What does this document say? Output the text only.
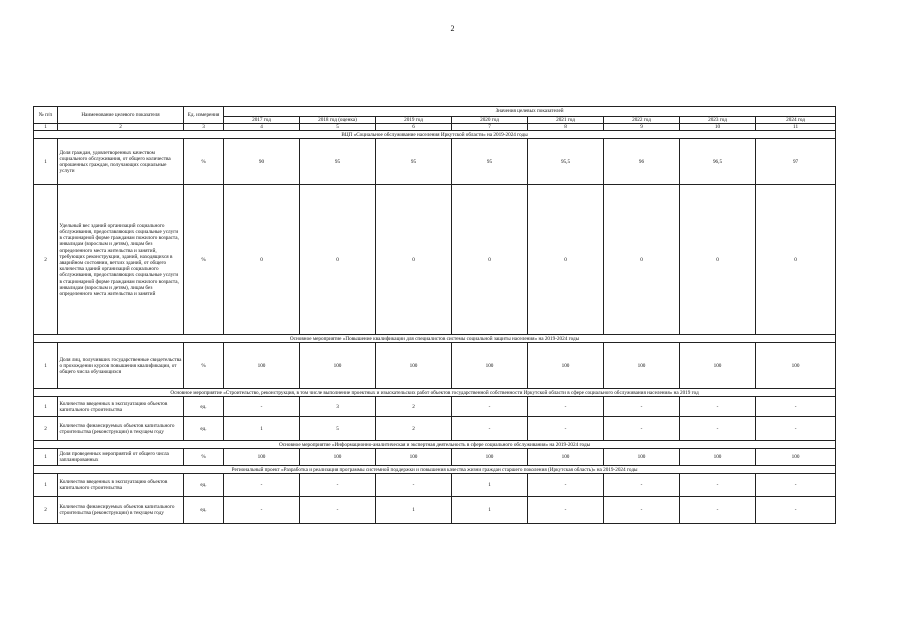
2
№ п/п	Наименование целевого показателя	Ед. измерения	Значения целевых показателей							
			2017 год	2018 год (оценка)	2019 год	2020 год	2021 год	2022 год	2023 год	2024 год
1	2	3	4	5	6	7	8	9	10	11
ВЦП «Социальное обслуживание населения Иркутской области» на 2019-2024 годы										
1	Доля граждан, удовлетворенных качеством социального обслуживания, от общего количества опрошенных граждан, получающих социальные услуги	%	90	95	95	95	95,5	96	96,5	97
2	Удельный вес зданий организаций социального обслуживания, предоставляющих социальные услуги в стационарной форме гражданам пожилого возраста, инвалидам (взрослым и детям), лицам без определенного места жительства и занятий, требующих реконструкции, зданий, находящихся в аварийном состоянии, ветхих зданий, от общего количества зданий организаций социального обслуживания, предоставляющих социальные услуги в стационарной форме гражданам пожилого возраста, инвалидам (взрослым и детям), лицам без определенного места жительства и занятий	%	0	0	0	0	0	0	0	0
Основное мероприятие «Повышение квалификации для специалистов системы социальной защиты населения» на 2019-2024 годы										
1	Доля лиц, получивших государственные свидетельства о прохождении курсов повышения квалификации, от общего числа обучающихся	%	100	100	100	100	100	100	100	100
Основное мероприятие «Строительство, реконструкция, в том числе выполнение проектных и изыскательских работ объектов государственной собственности Иркутской области в сфере социального обслуживания населения» на 2019 год										
1	Количество введенных в эксплуатацию объектов капитального строительства	ед.	-	3	2	-	-	-	-	-
2	Количество финансируемых объектов капитального строительства (реконструкции) в текущем году	ед.	1	5	2	-	-	-	-	-
Основное мероприятие «Информационно-аналитическая и экспертная деятельность в сфере социального обслуживания» на 2019-2024 годы										
1	Доля проведенных мероприятий от общего числа запланированных	%	100	100	100	100	100	100	100	100
Региональный проект «Разработка и реализация программы системной поддержки и повышения качества жизни граждан старшего поколения (Иркутская область)» на 2019-2024 годы										
1	Количество введенных в эксплуатацию объектов капитального строительства	ед.	-	-	-	1	-	-	-	-
2	Количество финансируемых объектов капитального строительства (реконструкции) в текущем году	ед.	-	-	1	1	-	-	-	-
